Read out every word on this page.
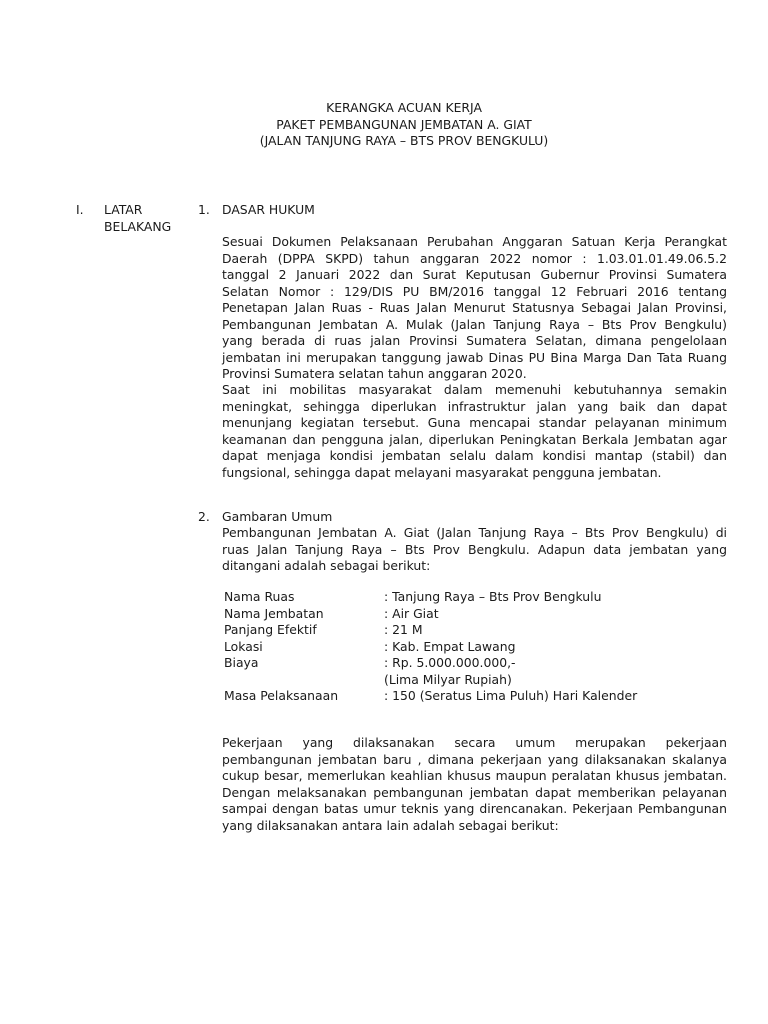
KERANGKA ACUAN KERJA
PAKET PEMBANGUNAN JEMBATAN A. GIAT
(JALAN TANJUNG RAYA – BTS PROV BENGKULU)
I. LATAR
BELAKANG
1. DASAR HUKUM
Sesuai Dokumen Pelaksanaan Perubahan Anggaran Satuan Kerja Perangkat
Daerah (DPPA SKPD) tahun anggaran 2022 nomor : 1.03.01.01.49.06.5.2
tanggal 2 Januari 2022 dan Surat Keputusan Gubernur Provinsi Sumatera
Selatan Nomor : 129/DIS PU BM/2016 tanggal 12 Februari 2016 tentang
Penetapan Jalan Ruas - Ruas Jalan Menurut Statusnya Sebagai Jalan Provinsi,
Pembangunan Jembatan A. Mulak (Jalan Tanjung Raya – Bts Prov Bengkulu)
yang berada di ruas jalan Provinsi Sumatera Selatan, dimana pengelolaan
jembatan ini merupakan tanggung jawab Dinas PU Bina Marga Dan Tata Ruang
Provinsi Sumatera selatan tahun anggaran 2020.
Saat ini mobilitas masyarakat dalam memenuhi kebutuhannya semakin
meningkat, sehingga diperlukan infrastruktur jalan yang baik dan dapat
menunjang kegiatan tersebut. Guna mencapai standar pelayanan minimum
keamanan dan pengguna jalan, diperlukan Peningkatan Berkala Jembatan agar
dapat menjaga kondisi jembatan selalu dalam kondisi mantap (stabil) dan
fungsional, sehingga dapat melayani masyarakat pengguna jembatan.
2. Gambaran Umum
Pembangunan Jembatan A. Giat (Jalan Tanjung Raya – Bts Prov Bengkulu) di
ruas Jalan Tanjung Raya – Bts Prov Bengkulu. Adapun data jembatan yang
ditangani adalah sebagai berikut:
Nama Ruas	: Tanjung Raya – Bts Prov Bengkulu
Nama Jembatan	: Air Giat
Panjang Efektif	: 21 M
Lokasi	: Kab. Empat Lawang
Biaya	: Rp. 5.000.000.000,-
(Lima Milyar Rupiah)
Masa Pelaksanaan	: 150 (Seratus Lima Puluh) Hari Kalender
Pekerjaan yang dilaksanakan secara umum merupakan pekerjaan
pembangunan jembatan baru , dimana pekerjaan yang dilaksanakan skalanya
cukup besar, memerlukan keahlian khusus maupun peralatan khusus jembatan.
Dengan melaksanakan pembangunan jembatan dapat memberikan pelayanan
sampai dengan batas umur teknis yang direncanakan. Pekerjaan Pembangunan
yang dilaksanakan antara lain adalah sebagai berikut:
